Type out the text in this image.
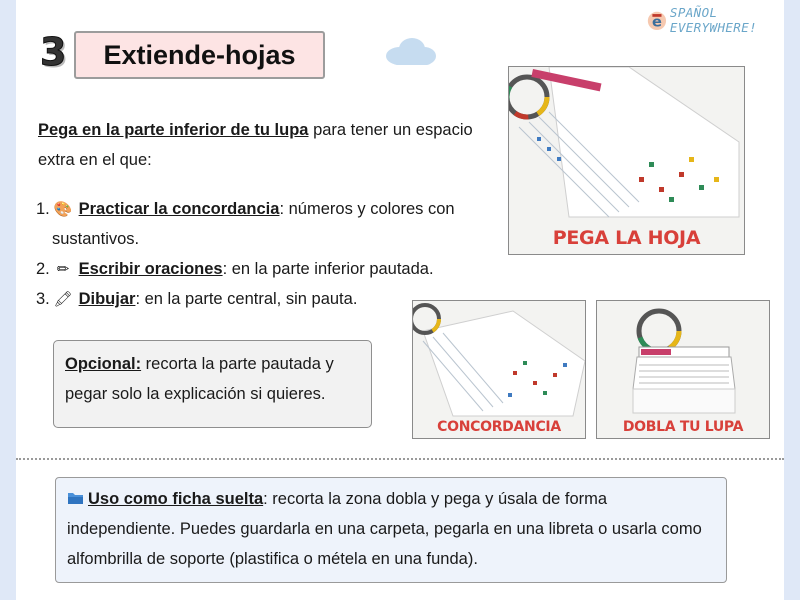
e
SPAÑOL EVERYWHERE!
3 Extiende-hojas

Pega en la parte inferior de tu lupa para tener un espacio extra en el que:

1. 🎨 Practicar la concordancia: números y colores con sustantivos.
2. ✏ Escribir oraciones: en la parte inferior pautada.
3. 🖍 Dibujar: en la parte central, sin pauta.
Opcional: recorta la parte pautada y pegar solo la explicación si quieres.
PEGA LA HOJA
CONCORDANCIA	DOBLA TU LUPA
Uso como ficha suelta: recorta la zona dobla y pega y úsala de forma independiente. Puedes guardarla en una carpeta, pegarla en una libreta o usarla como alfombrilla de soporte (plastifica o métela en una funda).
